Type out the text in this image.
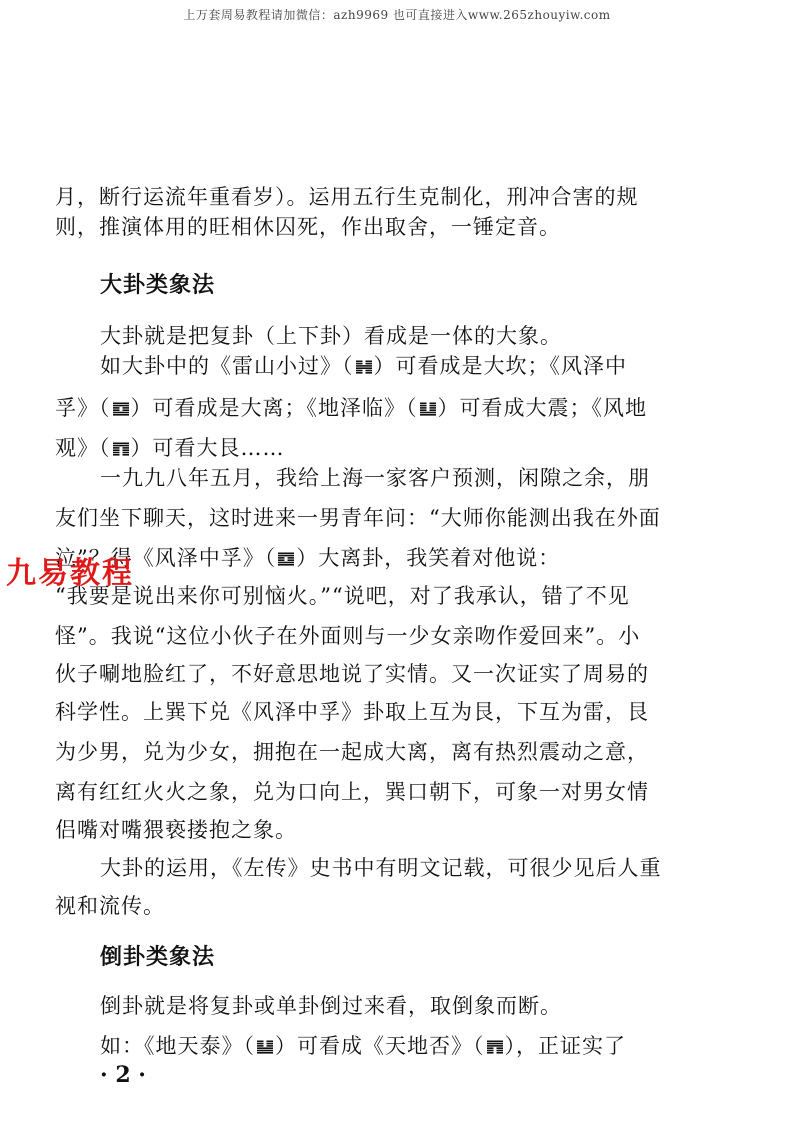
上万套周易教程请加微信：azh9969 也可直接进入www.265zhouyiw.com
月，断行运流年重看岁）。运用五行生克制化，刑冲合害的规
则，推演体用的旺相休囚死，作出取舍，一锤定音。
大卦类象法
大卦就是把复卦（上下卦）看成是一体的大象。
如大卦中的《雷山小过》（ ）可看成是大坎；《风泽中
孚》（ ）可看成是大离；《地泽临》（ ）可看成大震；《风地
观》（ ）可看大艮……
一九九八年五月，我给上海一家客户预测，闲隙之余，朋
友们坐下聊天，这时进来一男青年问：“大师你能测出我在外面
泣”？得《风泽中孚》（ ）大离卦，我笑着对他说：
“我要是说出来你可别恼火。”“说吧，对了我承认，错了不见
怪”。我说“这位小伙子在外面则与一少女亲吻作爱回来”。小
伙子唰地脸红了，不好意思地说了实情。又一次证实了周易的
科学性。上巽下兑《风泽中孚》卦取上互为艮，下互为雷，艮
为少男，兑为少女，拥抱在一起成大离，离有热烈震动之意，
离有红红火火之象，兑为口向上，巽口朝下，可象一对男女情
侣嘴对嘴猥亵搂抱之象。
大卦的运用，《左传》史书中有明文记载，可很少见后人重
视和流传。
倒卦类象法
倒卦就是将复卦或单卦倒过来看，取倒象而断。
如：《地天泰》（ ）可看成《天地否》（ ），正证实了
九易教程
· 2 ·
